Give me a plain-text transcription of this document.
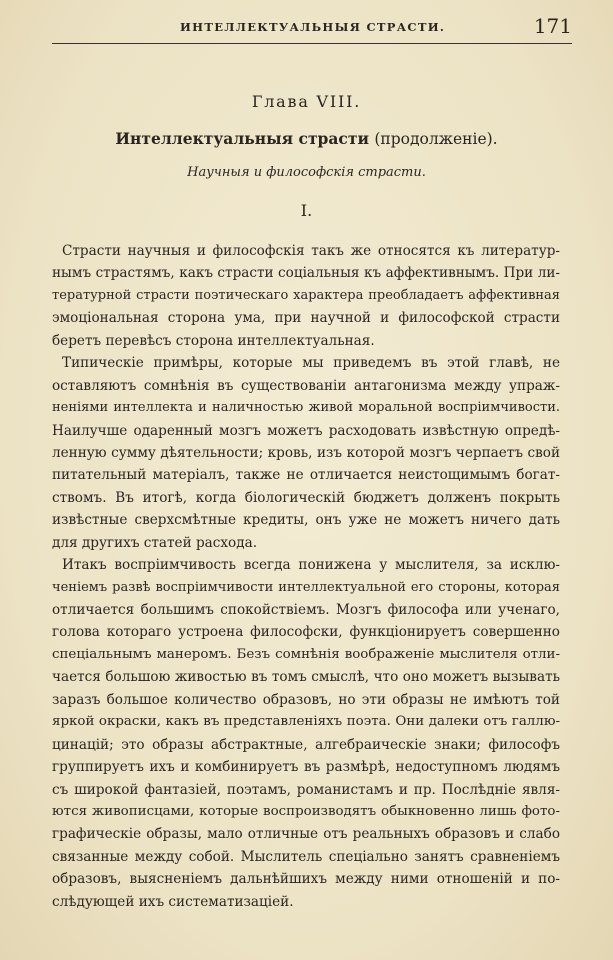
ИНТЕЛЛЕКТУАЛЬНЫЯ СТРАСТИ.	171
Глава VIII.
Интеллектуальныя страсти (продолженіе).
Научныя и философскія страсти.
I.
Страсти научныя и философскія такъ же относятся къ литератур-
нымъ страстямъ, какъ страсти соціальныя къ аффективнымъ. При ли-
тературной страсти поэтическаго характера преобладаетъ аффективная
эмоціональная сторона ума, при научной и философской страсти
беретъ перевѣсъ сторона интеллектуальная.
Типическіе примѣры, которые мы приведемъ въ этой главѣ, не
оставляютъ сомнѣнія въ существованіи антагонизма между упраж-
неніями интеллекта и наличностью живой моральной воспріимчивости.
Наилучше одаренный мозгъ можетъ расходовать извѣстную опредѣ-
ленную сумму дѣятельности; кровь, изъ которой мозгъ черпаетъ свой
питательный матеріалъ, также не отличается неистощимымъ богат-
ствомъ. Въ итогѣ, когда біологическій бюджетъ долженъ покрыть
извѣстные сверхсмѣтные кредиты, онъ уже не можетъ ничего дать
для другихъ статей расхода.
Итакъ воспріимчивость всегда понижена у мыслителя, за исклю-
ченіемъ развѣ воспріимчивости интеллектуальной его стороны, которая
отличается большимъ спокойствіемъ. Мозгъ философа или ученаго,
голова котораго устроена философски, функціонируетъ совершенно
спеціальнымъ манеромъ. Безъ сомнѣнія воображеніе мыслителя отли-
чается большою живостью въ томъ смыслѣ, что оно можетъ вызывать
заразъ большое количество образовъ, но эти образы не имѣютъ той
яркой окраски, какъ въ представленіяхъ поэта. Они далеки отъ галлю-
цинацій; это образы абстрактные, алгебраическіе знаки; философъ
группируетъ ихъ и комбинируетъ въ размѣрѣ, недоступномъ людямъ
съ широкой фантазіей, поэтамъ, романистамъ и пр. Послѣдніе явля-
ются живописцами, которые воспроизводятъ обыкновенно лишь фото-
графическіе образы, мало отличные отъ реальныхъ образовъ и слабо
связанные между собой. Мыслитель спеціально занятъ сравненіемъ
образовъ, выясненіемъ дальнѣйшихъ между ними отношеній и по-
слѣдующей ихъ систематизаціей.
